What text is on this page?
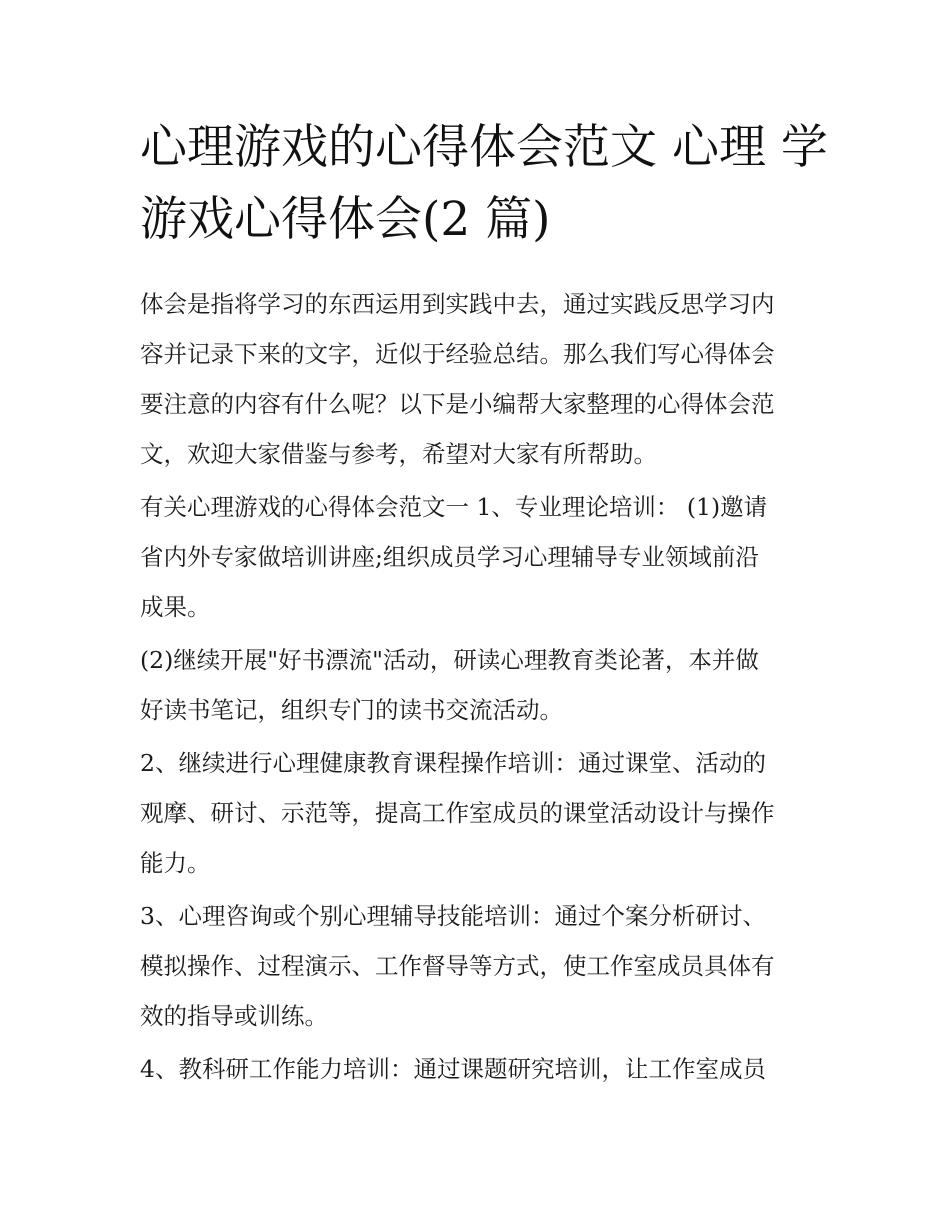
心理游戏的心得体会范文 心理 学游戏心得体会(2 篇)

体会是指将学习的东西运用到实践中去，通过实践反思学习内
容并记录下来的文字，近似于经验总结。那么我们写心得体会
要注意的内容有什么呢？以下是小编帮大家整理的心得体会范
文，欢迎大家借鉴与参考，希望对大家有所帮助。

有关心理游戏的心得体会范文一 1、专业理论培训： (1)邀请
省内外专家做培训讲座;组织成员学习心理辅导专业领域前沿
成果。

(2)继续开展"好书漂流"活动，研读心理教育类论著，本并做
好读书笔记，组织专门的读书交流活动。

2、继续进行心理健康教育课程操作培训：通过课堂、活动的
观摩、研讨、示范等，提高工作室成员的课堂活动设计与操作
能力。

3、心理咨询或个别心理辅导技能培训：通过个案分析研讨、
模拟操作、过程演示、工作督导等方式，使工作室成员具体有
效的指导或训练。

4、教科研工作能力培训：通过课题研究培训，让工作室成员
